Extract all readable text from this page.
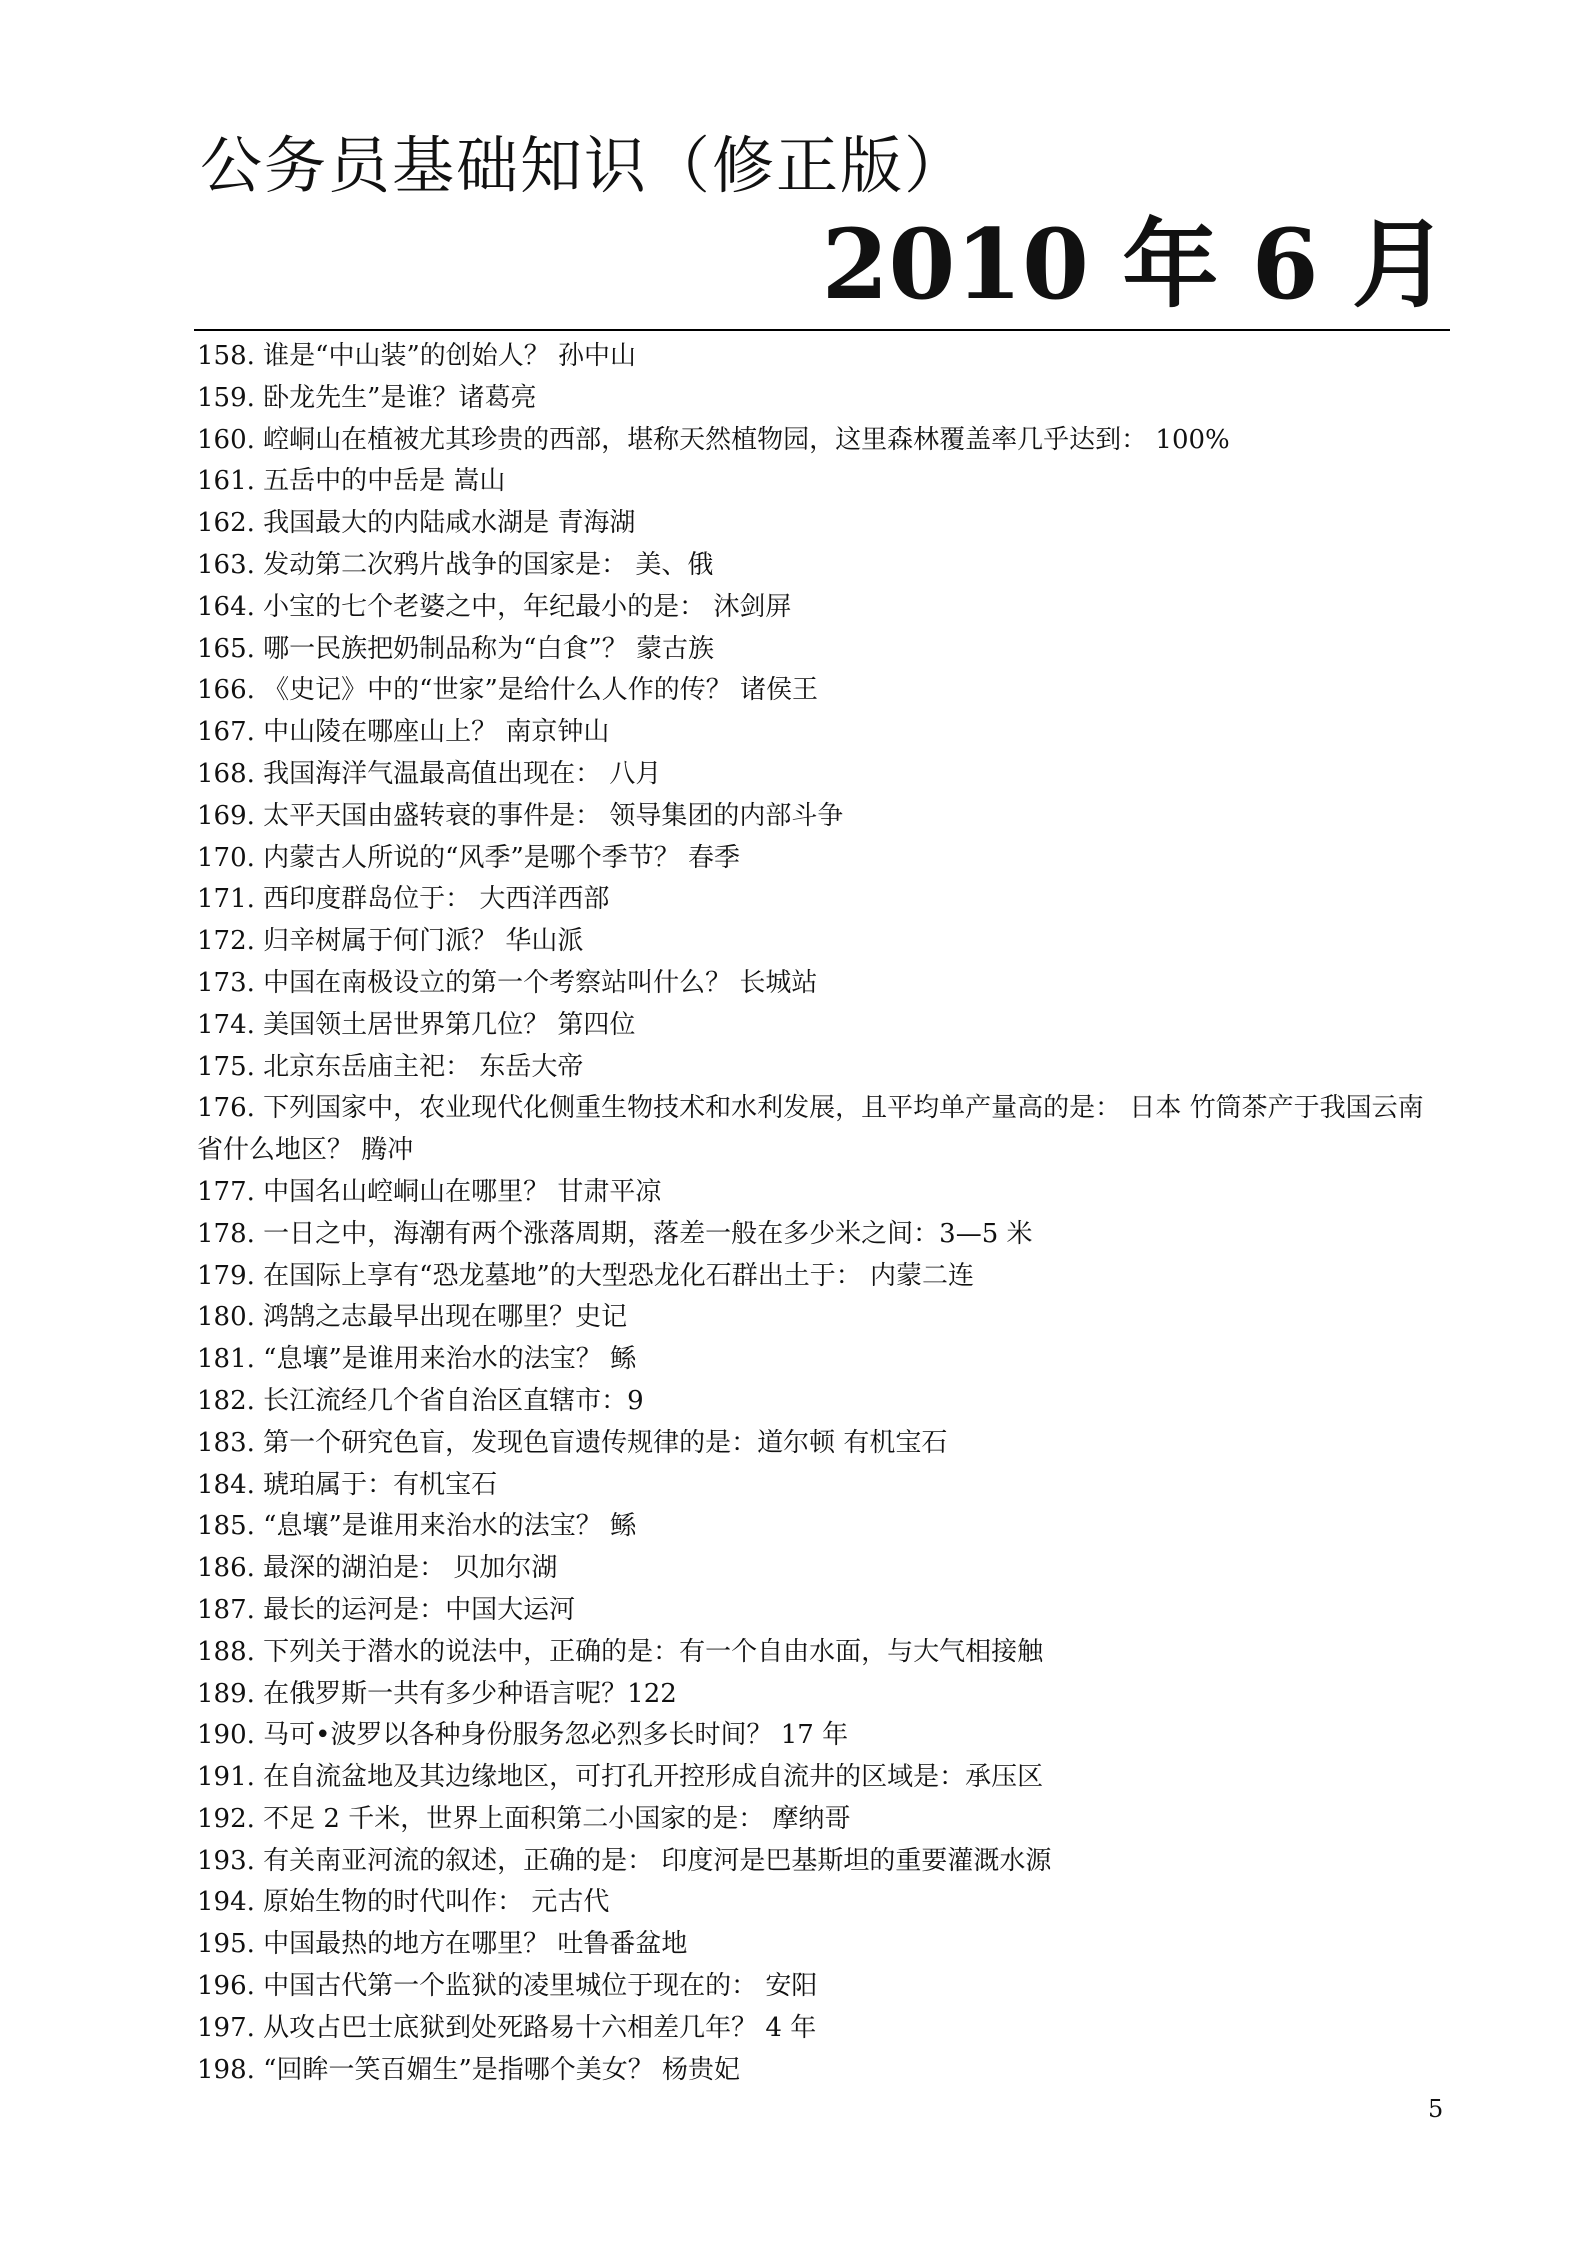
公务员基础知识（修正版）
2010 年 6 月
158. 谁是“中山装”的创始人？ 孙中山
159. 卧龙先生”是谁？诸葛亮
160. 崆峒山在植被尤其珍贵的西部，堪称天然植物园，这里森林覆盖率几乎达到： 100%
161. 五岳中的中岳是 嵩山
162. 我国最大的内陆咸水湖是 青海湖
163. 发动第二次鸦片战争的国家是： 美、俄
164. 小宝的七个老婆之中，年纪最小的是： 沐剑屏
165. 哪一民族把奶制品称为“白食”？ 蒙古族
166. 《史记》中的“世家”是给什么人作的传？ 诸侯王
167. 中山陵在哪座山上？ 南京钟山
168. 我国海洋气温最高值出现在： 八月
169. 太平天国由盛转衰的事件是： 领导集团的内部斗争
170. 内蒙古人所说的“风季”是哪个季节？ 春季
171. 西印度群岛位于： 大西洋西部
172. 归辛树属于何门派？ 华山派
173. 中国在南极设立的第一个考察站叫什么？ 长城站
174. 美国领土居世界第几位？ 第四位
175. 北京东岳庙主祀： 东岳大帝
176. 下列国家中，农业现代化侧重生物技术和水利发展，且平均单产量高的是： 日本 竹筒茶产于我国云南省什么地区？ 腾冲
177. 中国名山崆峒山在哪里？ 甘肃平凉
178. 一日之中，海潮有两个涨落周期，落差一般在多少米之间：3—5 米
179. 在国际上享有“恐龙墓地”的大型恐龙化石群出土于： 内蒙二连
180. 鸿鹄之志最早出现在哪里？史记
181. “息壤”是谁用来治水的法宝？ 鲧
182. 长江流经几个省自治区直辖市：9
183. 第一个研究色盲，发现色盲遗传规律的是：道尔顿 有机宝石
184. 琥珀属于：有机宝石
185. “息壤”是谁用来治水的法宝？ 鲧
186. 最深的湖泊是： 贝加尔湖
187. 最长的运河是：中国大运河
188. 下列关于潜水的说法中，正确的是：有一个自由水面，与大气相接触
189. 在俄罗斯一共有多少种语言呢？122
190. 马可•波罗以各种身份服务忽必烈多长时间？ 17 年
191. 在自流盆地及其边缘地区，可打孔开控形成自流井的区域是：承压区
192. 不足 2 千米，世界上面积第二小国家的是： 摩纳哥
193. 有关南亚河流的叙述，正确的是： 印度河是巴基斯坦的重要灌溉水源
194. 原始生物的时代叫作： 元古代
195. 中国最热的地方在哪里？ 吐鲁番盆地
196. 中国古代第一个监狱的凌里城位于现在的： 安阳
197. 从攻占巴士底狱到处死路易十六相差几年？ 4 年
198. “回眸一笑百媚生”是指哪个美女？ 杨贵妃
5
